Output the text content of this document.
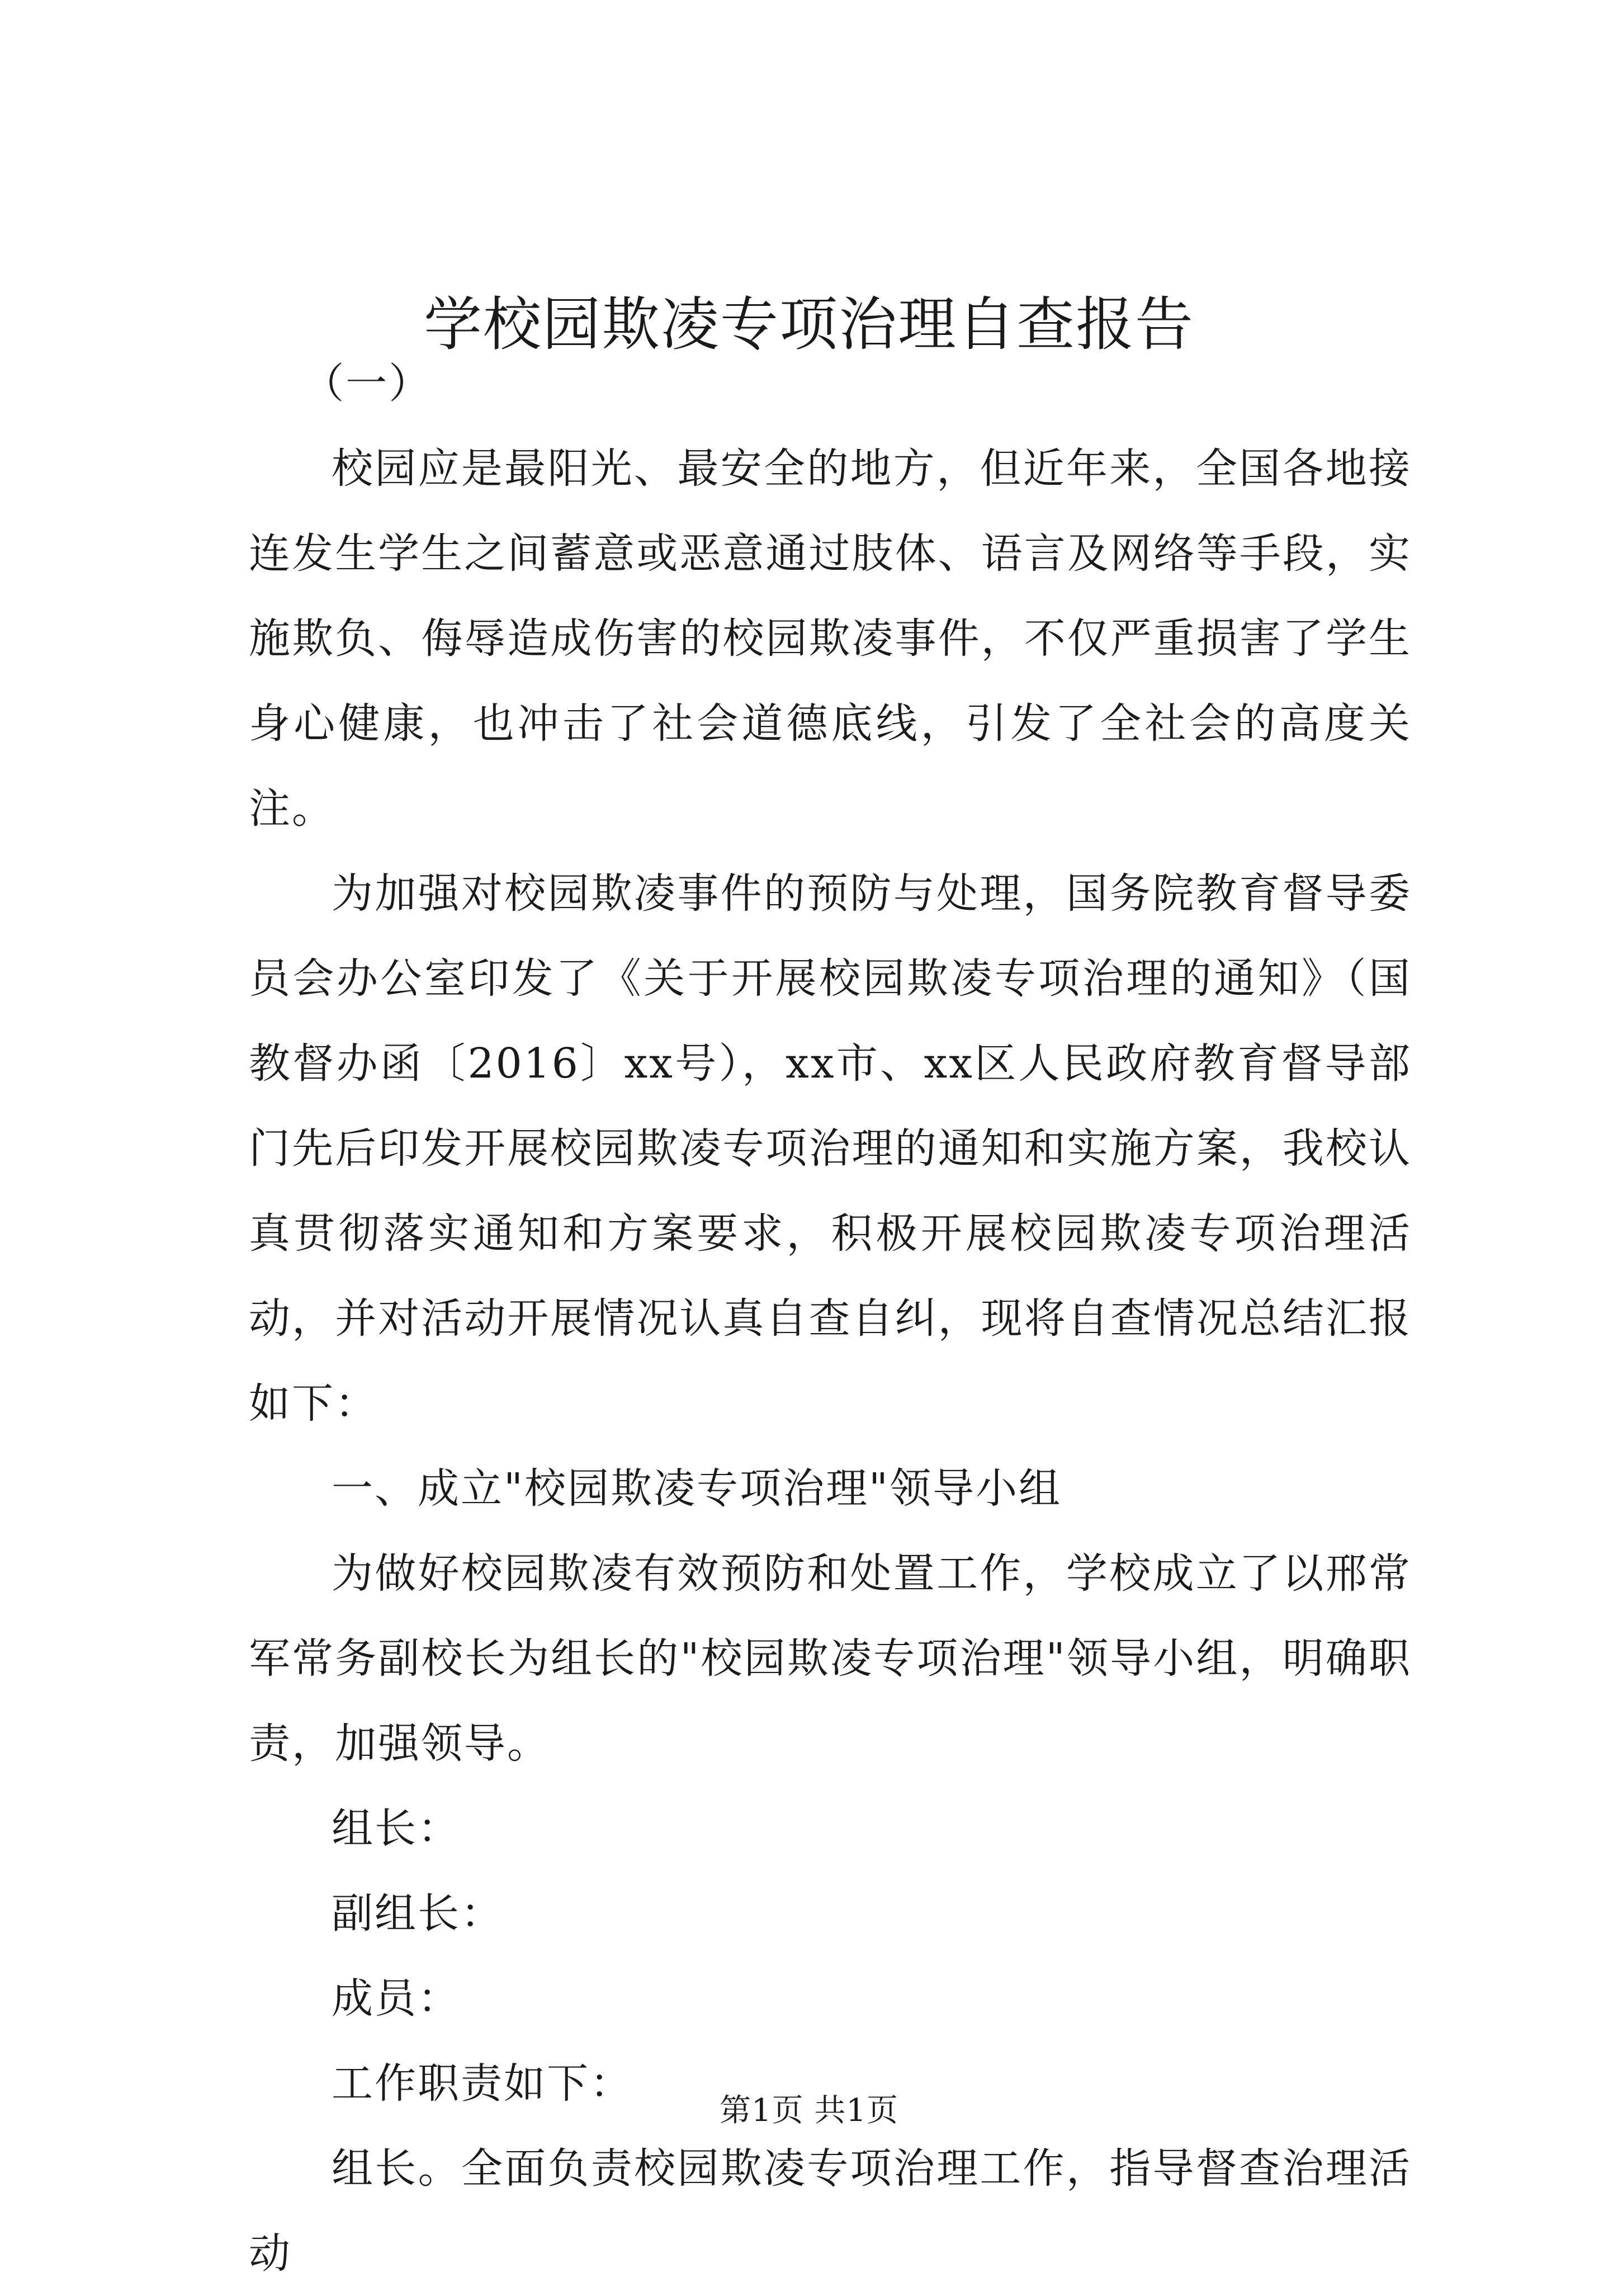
学校园欺凌专项治理自查报告

（一）

校园应是最阳光、最安全的地方，但近年来，全国各地接连发生学生之间蓄意或恶意通过肢体、语言及网络等手段，实施欺负、侮辱造成伤害的校园欺凌事件，不仅严重损害了学生身心健康，也冲击了社会道德底线，引发了全社会的高度关注。

为加强对校园欺凌事件的预防与处理，国务院教育督导委员会办公室印发了《关于开展校园欺凌专项治理的通知》（国教督办函〔2016〕xx号），xx市、xx区人民政府教育督导部门先后印发开展校园欺凌专项治理的通知和实施方案，我校认真贯彻落实通知和方案要求，积极开展校园欺凌专项治理活动，并对活动开展情况认真自查自纠，现将自查情况总结汇报如下：

一、成立"校园欺凌专项治理"领导小组

为做好校园欺凌有效预防和处置工作，学校成立了以邢常军常务副校长为组长的"校园欺凌专项治理"领导小组，明确职责，加强领导。

组长：

副组长：

成员：

工作职责如下：

组长。全面负责校园欺凌专项治理工作，指导督查治理活动

第1页 共1页
